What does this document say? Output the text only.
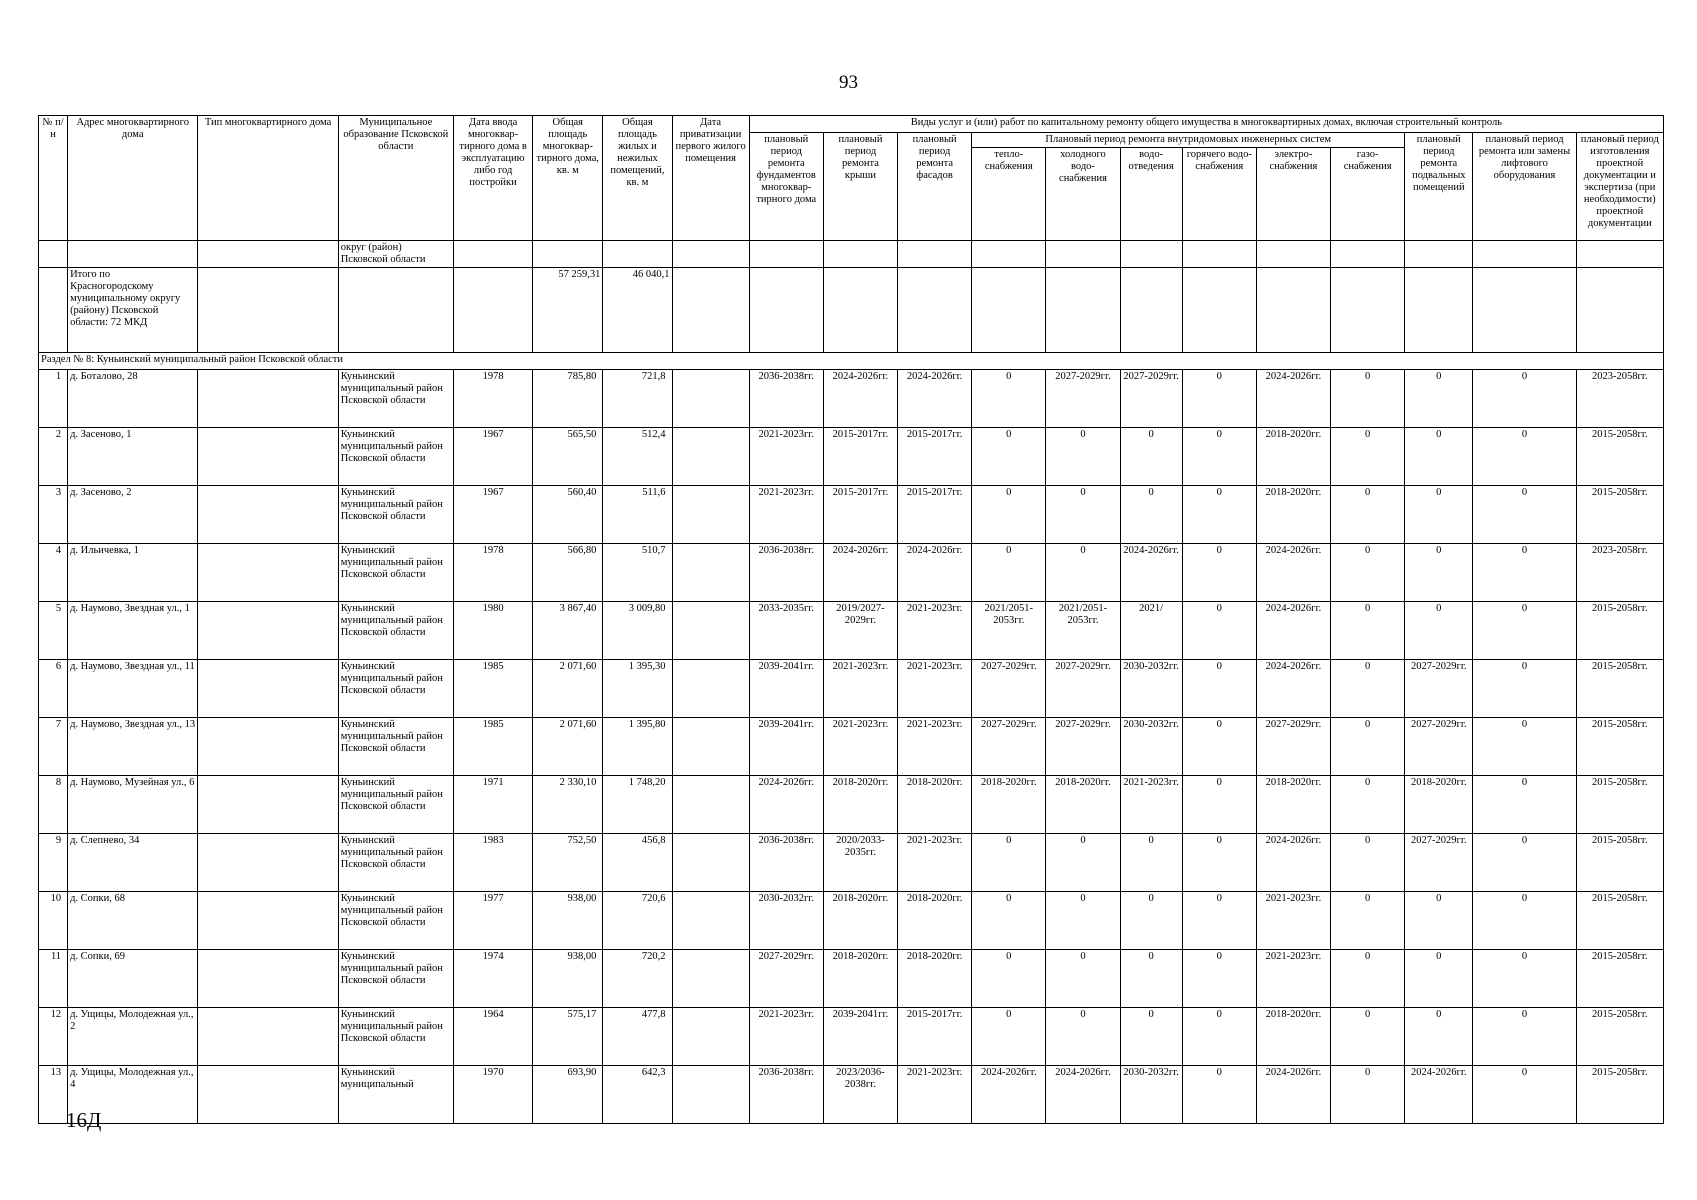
93
№ п/н	Адрес многоквартирного дома	Тип многоквартирного дома	Муниципальное образование Псковской области	Дата ввода многоквар-тирного дома в эксплуатацию либо год постройки	Общая площадь многоквар-тирного дома, кв. м	Общая площадь жилых и нежилых помещений, кв. м	Дата приватизации первого жилого помещения	Виды услуг и (или) работ по капитальному ремонту общего имущества в многоквартирных домах, включая строительный контроль											
								плановый период ремонта фундаментов многоквар-тирного дома	плановый период ремонта крыши	плановый период ремонта фасадов	Плановый период ремонта внутридомовых инженерных систем						плановый период ремонта подвальных помещений	плановый период ремонта или замены лифтового оборудования	плановый период изготовления проектной документации и экспертиза (при необходимости) проектной документации
											тепло-снабжения	холодного водо-снабжения	водо-отведения	горячего водо-снабжения	электро-снабжения	газо-снабжения			
			округ (район) Псковской области																
	Итого по Красногородскому муниципальному округу (району) Псковской области: 72 МКД				57 259,31	46 040,1													
Раздел № 8: Куньинский муниципальный район Псковской области																			
1	д. Боталово, 28		Куньинский муниципальный район Псковской области	1978	785,80	721,8		2036-2038гг.	2024-2026гг.	2024-2026гг.	0	2027-2029гг.	2027-2029гг.	0	2024-2026гг.	0	0	0	2023-2058гг.
2	д. Засеново, 1		Куньинский муниципальный район Псковской области	1967	565,50	512,4		2021-2023гг.	2015-2017гг.	2015-2017гг.	0	0	0	0	2018-2020гг.	0	0	0	2015-2058гг.
3	д. Засеново, 2		Куньинский муниципальный район Псковской области	1967	560,40	511,6		2021-2023гг.	2015-2017гг.	2015-2017гг.	0	0	0	0	2018-2020гг.	0	0	0	2015-2058гг.
4	д. Ильичевка, 1		Куньинский муниципальный район Псковской области	1978	566,80	510,7		2036-2038гг.	2024-2026гг.	2024-2026гг.	0	0	2024-2026гг.	0	2024-2026гг.	0	0	0	2023-2058гг.
5	д. Наумово, Звездная ул., 1		Куньинский муниципальный район Псковской области	1980	3 867,40	3 009,80		2033-2035гг.	2019/2027-2029гг.	2021-2023гг.	2021/2051-2053гг.	2021/2051-2053гг.	2021/	0	2024-2026гг.	0	0	0	2015-2058гг.
6	д. Наумово, Звездная ул., 11		Куньинский муниципальный район Псковской области	1985	2 071,60	1 395,30		2039-2041гг.	2021-2023гг.	2021-2023гг.	2027-2029гг.	2027-2029гг.	2030-2032гг.	0	2024-2026гг.	0	2027-2029гг.	0	2015-2058гг.
7	д. Наумово, Звездная ул., 13		Куньинский муниципальный район Псковской области	1985	2 071,60	1 395,80		2039-2041гг.	2021-2023гг.	2021-2023гг.	2027-2029гг.	2027-2029гг.	2030-2032гг.	0	2027-2029гг.	0	2027-2029гг.	0	2015-2058гг.
8	д. Наумово, Музейная ул., 6		Куньинский муниципальный район Псковской области	1971	2 330,10	1 748,20		2024-2026гг.	2018-2020гг.	2018-2020гг.	2018-2020гг.	2018-2020гг.	2021-2023гг.	0	2018-2020гг.	0	2018-2020гг.	0	2015-2058гг.
9	д. Слепнево, 34		Куньинский муниципальный район Псковской области	1983	752,50	456,8		2036-2038гг.	2020/2033-2035гг.	2021-2023гг.	0	0	0	0	2024-2026гг.	0	2027-2029гг.	0	2015-2058гг.
10	д. Сопки, 68		Куньинский муниципальный район Псковской области	1977	938,00	720,6		2030-2032гг.	2018-2020гг.	2018-2020гг.	0	0	0	0	2021-2023гг.	0	0	0	2015-2058гг.
11	д. Сопки, 69		Куньинский муниципальный район Псковской области	1974	938,00	720,2		2027-2029гг.	2018-2020гг.	2018-2020гг.	0	0	0	0	2021-2023гг.	0	0	0	2015-2058гг.
12	д. Ущицы, Молодежная ул., 2		Куньинский муниципальный район Псковской области	1964	575,17	477,8		2021-2023гг.	2039-2041гг.	2015-2017гг.	0	0	0	0	2018-2020гг.	0	0	0	2015-2058гг.
13	д. Ущицы, Молодежная ул., 4		Куньинский муниципальный	1970	693,90	642,3		2036-2038гг.	2023/2036-2038гг.	2021-2023гг.	2024-2026гг.	2024-2026гг.	2030-2032гг.	0	2024-2026гг.	0	2024-2026гг.	0	2015-2058гг.
16Д
